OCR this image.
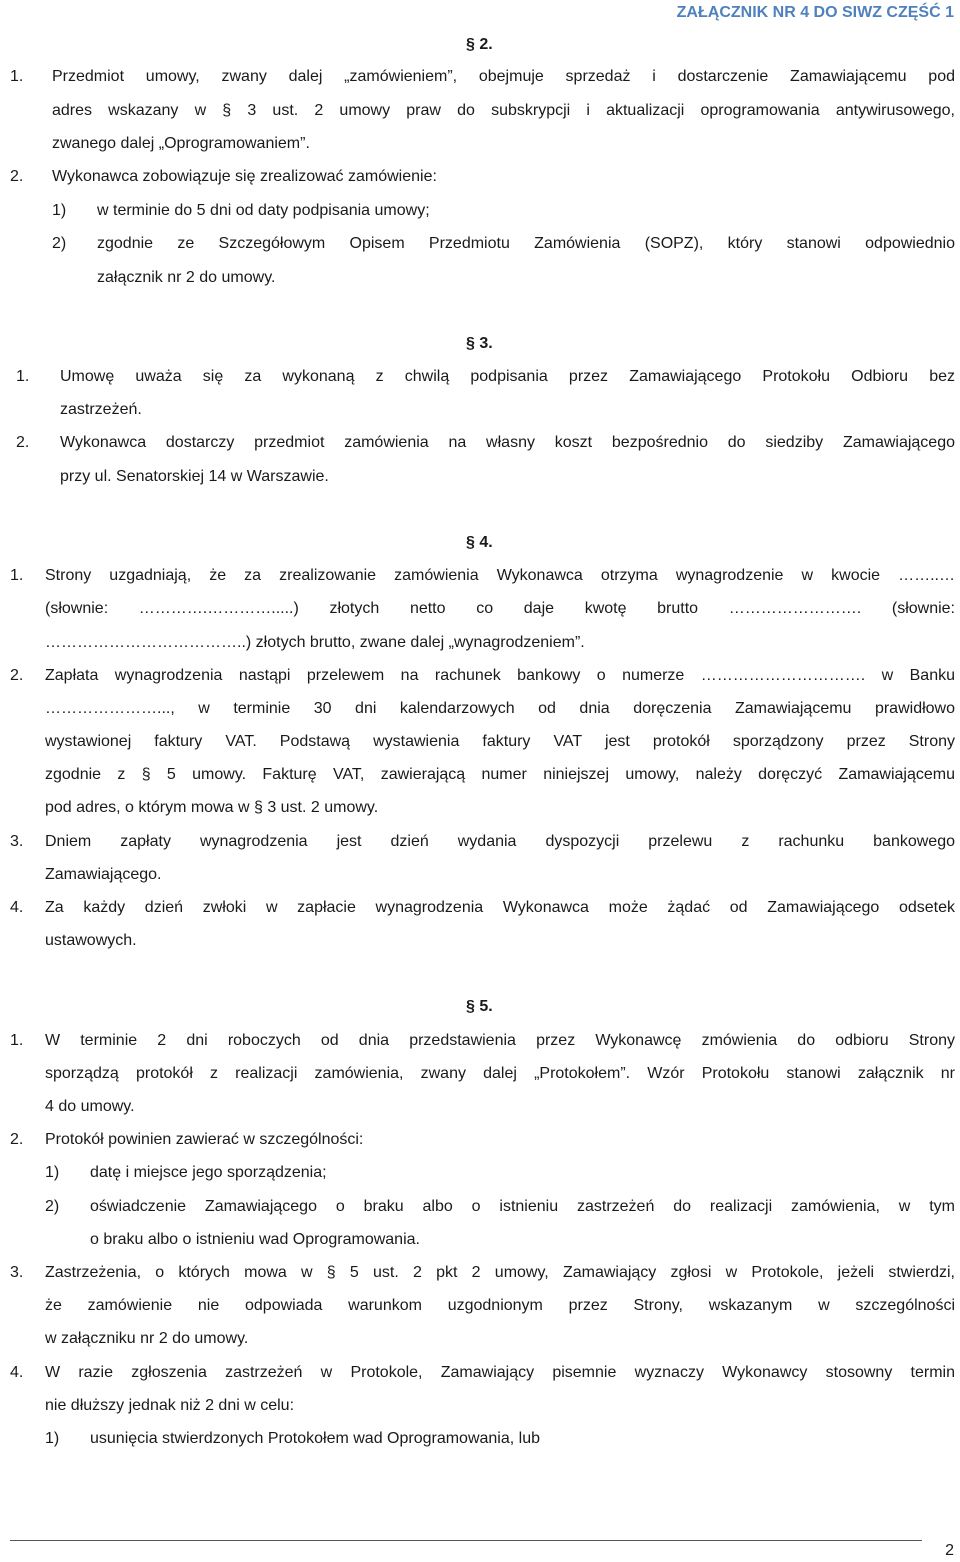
ZAŁĄCZNIK NR 4 DO SIWZ CZĘŚĆ 1
§ 2.
1. Przedmiot umowy, zwany dalej „zamówieniem”, obejmuje sprzedaż i dostarczenie Zamawiającemu pod
adres wskazany w § 3 ust. 2 umowy praw do subskrypcji i aktualizacji oprogramowania antywirusowego,
zwanego dalej „Oprogramowaniem”.
2. Wykonawca zobowiązuje się zrealizować zamówienie:
1) w terminie do 5 dni od daty podpisania umowy;
2) zgodnie ze Szczegółowym Opisem Przedmiotu Zamówienia (SOPZ), który stanowi odpowiednio
załącznik nr 2 do umowy.
§ 3.
1. Umowę uważa się za wykonaną z chwilą podpisania przez Zamawiającego Protokołu Odbioru bez
zastrzeżeń.
2. Wykonawca dostarczy przedmiot zamówienia na własny koszt bezpośrednio do siedziby Zamawiającego
przy ul. Senatorskiej 14 w Warszawie.
§ 4.
1. Strony uzgadniają, że za zrealizowanie zamówienia Wykonawca otrzyma wynagrodzenie w kwocie ……..…
(słownie: ………….………….....) złotych netto co daje kwotę brutto ……………………. (słownie:
………………………………..) złotych brutto, zwane dalej „wynagrodzeniem”.
2. Zapłata wynagrodzenia nastąpi przelewem na rachunek bankowy o numerze …………………………. w Banku
…………………..., w terminie 30 dni kalendarzowych od dnia doręczenia Zamawiającemu prawidłowo
wystawionej faktury VAT. Podstawą wystawienia faktury VAT jest protokół sporządzony przez Strony
zgodnie z § 5 umowy. Fakturę VAT, zawierającą numer niniejszej umowy, należy doręczyć Zamawiającemu
pod adres, o którym mowa w § 3 ust. 2 umowy.
3. Dniem zapłaty wynagrodzenia jest dzień wydania dyspozycji przelewu z rachunku bankowego
Zamawiającego.
4. Za każdy dzień zwłoki w zapłacie wynagrodzenia Wykonawca może żądać od Zamawiającego odsetek
ustawowych.
§ 5.
1. W terminie 2 dni roboczych od dnia przedstawienia przez Wykonawcę zmówienia do odbioru Strony
sporządzą protokół z realizacji zamówienia, zwany dalej „Protokołem”. Wzór Protokołu stanowi załącznik nr
4 do umowy.
2. Protokół powinien zawierać w szczególności:
1) datę i miejsce jego sporządzenia;
2) oświadczenie Zamawiającego o braku albo o istnieniu zastrzeżeń do realizacji zamówienia, w tym
o braku albo o istnieniu wad Oprogramowania.
3. Zastrzeżenia, o których mowa w § 5 ust. 2 pkt 2 umowy, Zamawiający zgłosi w Protokole, jeżeli stwierdzi,
że zamówienie nie odpowiada warunkom uzgodnionym przez Strony, wskazanym w szczególności
w załączniku nr 2 do umowy.
4. W razie zgłoszenia zastrzeżeń w Protokole, Zamawiający pisemnie wyznaczy Wykonawcy stosowny termin
nie dłuższy jednak niż 2 dni w celu:
1) usunięcia stwierdzonych Protokołem wad Oprogramowania, lub
2
